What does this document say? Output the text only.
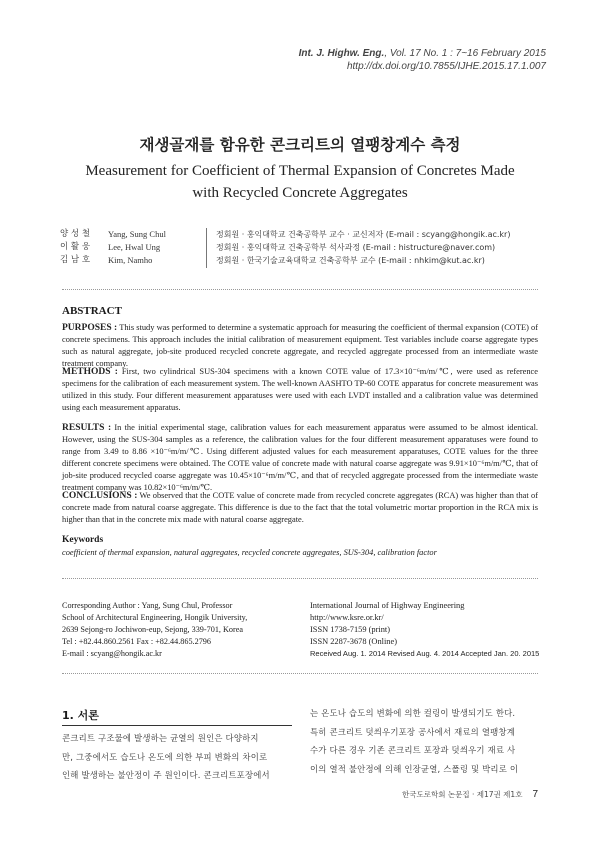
Int. J. Highw. Eng., Vol. 17 No. 1 : 7~16 February 2015
http://dx.doi.org/10.7855/IJHE.2015.17.1.007
재생골재를 함유한 콘크리트의 열팽창계수 측정
Measurement for Coefficient of Thermal Expansion of Concretes Made
with Recycled Concrete Aggregates
양 성 철	Yang, Sung Chul	정회원 · 홍익대학교 건축공학부 교수 · 교신저자 (E-mail : scyang@hongik.ac.kr)
이 활 웅	Lee, Hwal Ung	정회원 · 홍익대학교 건축공학부 석사과정 (E-mail : histructure@naver.com)
김 남 호	Kim, Namho	정회원 · 한국기술교육대학교 건축공학부 교수 (E-mail : nhkim@kut.ac.kr)
ABSTRACT
PURPOSES : This study was performed to determine a systematic approach for measuring the coefficient of thermal expansion (COTE) of concrete specimens. This approach includes the initial calibration of measurement equipment. Test variables include coarse aggregate types such as natural aggregate, job-site produced recycled concrete aggregate, and recycled aggregate processed from an intermediate waste treatment company.
METHODS : First, two cylindrical SUS-304 specimens with a known COTE value of 17.3×10⁻⁶m/m/℃, were used as reference specimens for the calibration of each measurement system. The well-known AASHTO TP-60 COTE apparatus for concrete measurement was utilized in this study. Four different measurement apparatuses were used with each LVDT installed and a calibration value was determined using each measurement apparatus.
RESULTS : In the initial experimental stage, calibration values for each measurement apparatus were assumed to be almost identical. However, using the SUS-304 samples as a reference, the calibration values for the four different measurement apparatuses were found to range from 3.49 to 8.86 ×10⁻⁶m/m/℃. Using different adjusted values for each measurement apparatuses, COTE values for the three different concrete specimens were obtained. The COTE value of concrete made with natural coarse aggregate was 9.91×10⁻⁶m/m/℃, that of job-site produced recycled coarse aggregate was 10.45×10⁻⁶m/m/℃, and that of recycled aggregate processed from the intermediate waste treatment company was 10.82×10⁻⁶m/m/℃.
CONCLUSIONS : We observed that the COTE value of concrete made from recycled concrete aggregates (RCA) was higher than that of concrete made from natural coarse aggregate. This difference is due to the fact that the total volumetric mortar proportion in the RCA mix is higher than that in the concrete mix made with natural coarse aggregate.
Keywords
coefficient of thermal expansion, natural aggregates, recycled concrete aggregates, SUS-304, calibration factor
Corresponding Author : Yang, Sung Chul, Professor
School of Architectural Engineering, Hongik University,
2639 Sejong-ro Jochiwon-eup, Sejong, 339-701, Korea
Tel : +82.44.860.2561 Fax : +82.44.865.2796
E-mail : scyang@hongik.ac.kr
International Journal of Highway Engineering
http://www.ksre.or.kr/
ISSN 1738-7159 (print)
ISSN 2287-3678 (Online)
Received Aug. 1. 2014 Revised Aug. 4. 2014 Accepted Jan. 20. 2015
1. 서론
콘크리트 구조물에 발생하는 균열의 원인은 다양하지
만, 그중에서도 습도나 온도에 의한 부피 변화의 차이로
인해 발생하는 불안정이 주 원인이다. 콘크리트포장에서
는 온도나 습도의 변화에 의한 컬링이 발생되기도 한다.
특히 콘크리트 덧씌우기포장 공사에서 재료의 열팽창계
수가 다른 경우 기존 콘크리트 포장과 덧씌우기 재료 사
이의 열적 불안정에 의해 인장균열, 스폴링 및 박리로 이
한국도로학회 논문집 · 제17권 제1호 7
